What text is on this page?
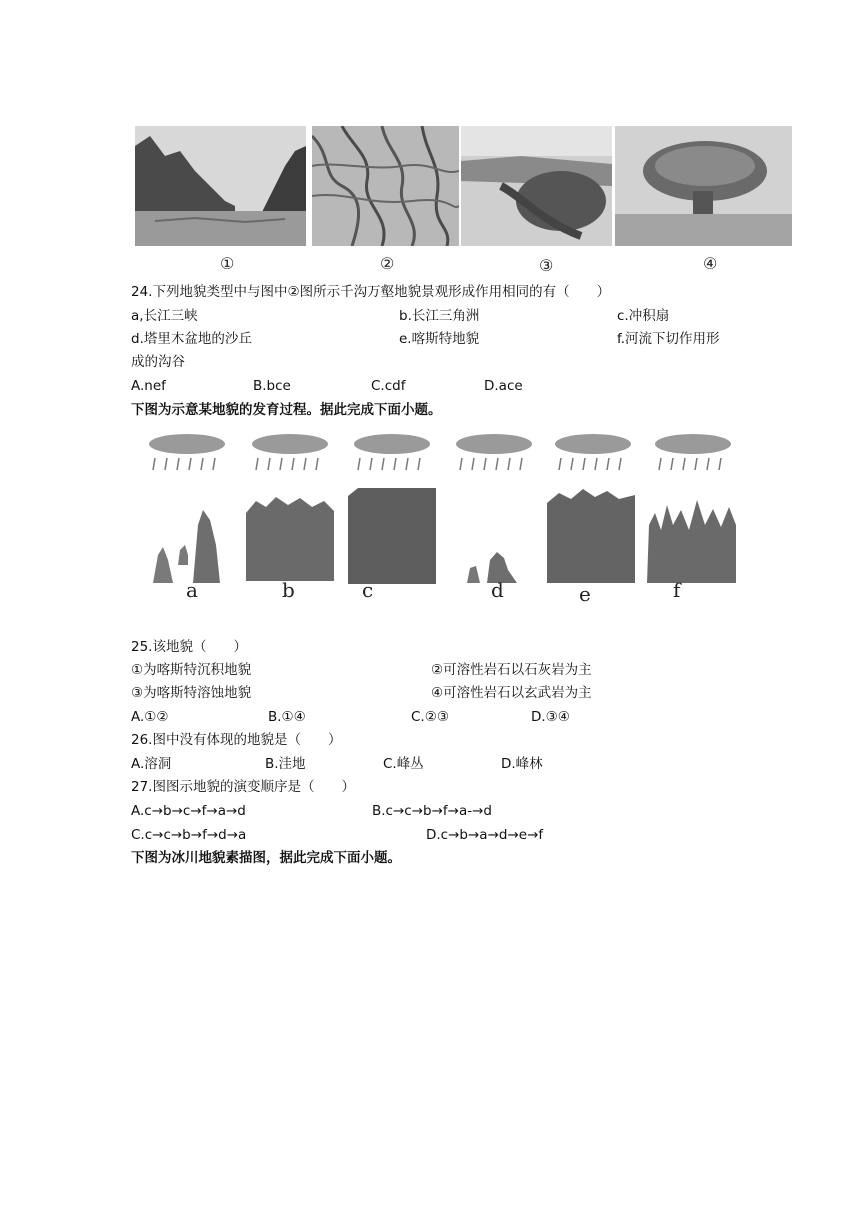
①	②	③	④
24.下列地貌类型中与图中②图所示千沟万壑地貌景观形成作用相同的有（　　）
a,长江三峡	b.长江三角洲	c.冲积扇
d.塔里木盆地的沙丘	e.喀斯特地貌	f.河流下切作用形
成的沟谷
A.nef	B.bce	C.cdf	D.ace
下图为示意某地貌的发育过程。据此完成下面小题。
a	b	c	d	e	f
25.该地貌（　　）
①为喀斯特沉积地貌	②可溶性岩石以石灰岩为主
③为喀斯特溶蚀地貌	④可溶性岩石以玄武岩为主
A.①②	B.①④	C.②③	D.③④
26.图中没有体现的地貌是（　　）
A.溶洞	B.洼地	C.峰丛	D.峰林
27.图图示地貌的演变顺序是（　　）
A.c→b→c→f→a→d	B.c→c→b→f→a-→d
C.c→c→b→f→d→a	D.c→b→a→d→e→f
下图为冰川地貌素描图，据此完成下面小题。
